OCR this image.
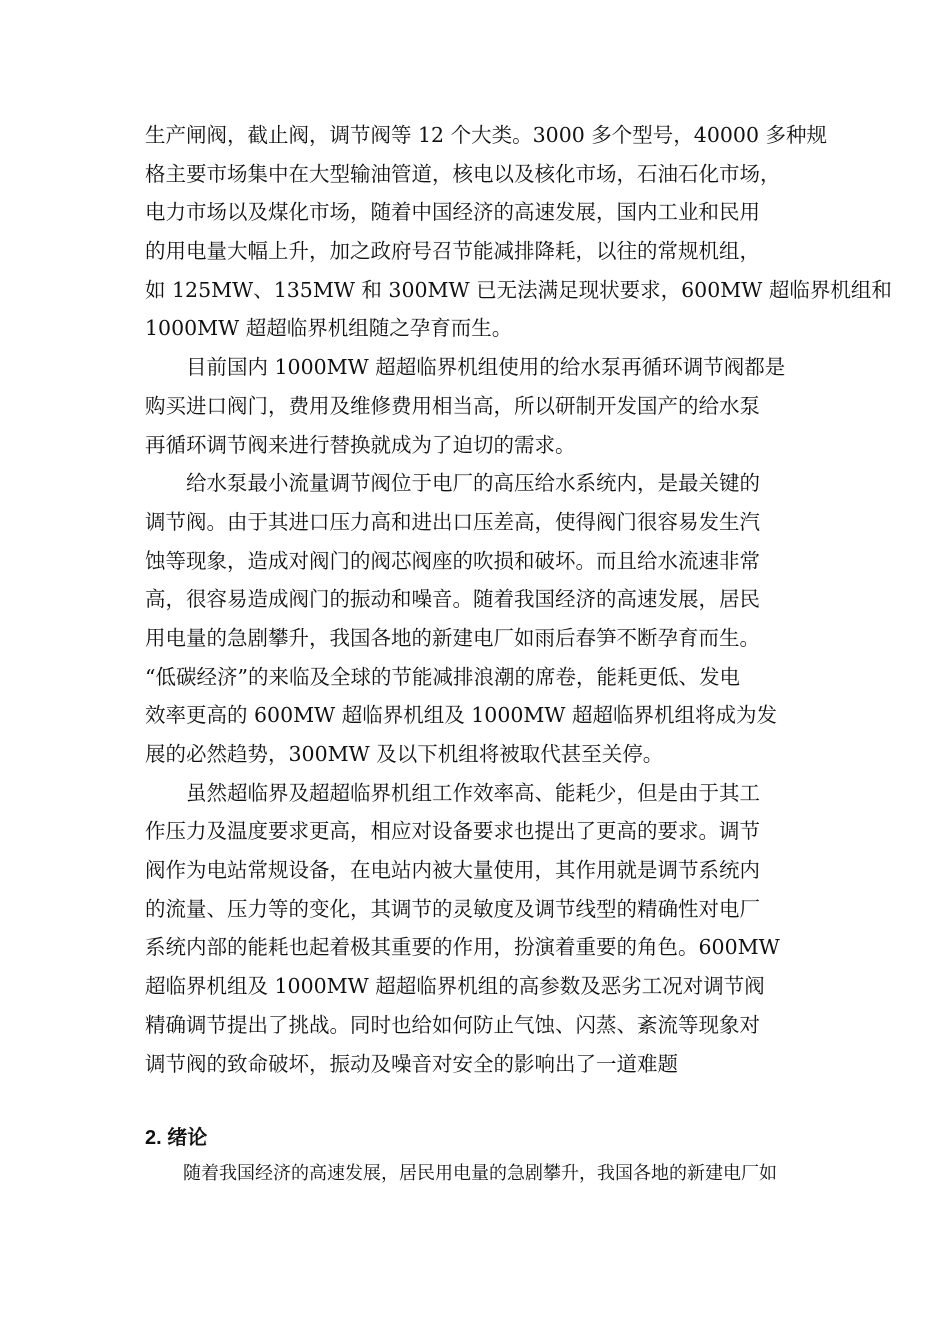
生产闸阀，截止阀，调节阀等 12 个大类。3000 多个型号，40000 多种规
格主要市场集中在大型输油管道，核电以及核化市场，石油石化市场，
电力市场以及煤化市场，随着中国经济的高速发展，国内工业和民用
的用电量大幅上升，加之政府号召节能减排降耗，以往的常规机组，
如 125MW、135MW 和 300MW 已无法满足现状要求，600MW 超临界机组和
1000MW 超超临界机组随之孕育而生。
目前国内 1000MW 超超临界机组使用的给水泵再循环调节阀都是
购买进口阀门，费用及维修费用相当高，所以研制开发国产的给水泵
再循环调节阀来进行替换就成为了迫切的需求。
给水泵最小流量调节阀位于电厂的高压给水系统内，是最关键的
调节阀。由于其进口压力高和进出口压差高，使得阀门很容易发生汽
蚀等现象，造成对阀门的阀芯阀座的吹损和破坏。而且给水流速非常
高，很容易造成阀门的振动和噪音。随着我国经济的高速发展，居民
用电量的急剧攀升，我国各地的新建电厂如雨后春笋不断孕育而生。
“低碳经济”的来临及全球的节能减排浪潮的席卷，能耗更低、发电
效率更高的 600MW 超临界机组及 1000MW 超超临界机组将成为发
展的必然趋势，300MW 及以下机组将被取代甚至关停。
虽然超临界及超超临界机组工作效率高、能耗少，但是由于其工
作压力及温度要求更高，相应对设备要求也提出了更高的要求。调节
阀作为电站常规设备，在电站内被大量使用，其作用就是调节系统内
的流量、压力等的变化，其调节的灵敏度及调节线型的精确性对电厂
系统内部的能耗也起着极其重要的作用，扮演着重要的角色。600MW
超临界机组及 1000MW 超超临界机组的高参数及恶劣工况对调节阀
精确调节提出了挑战。同时也给如何防止气蚀、闪蒸、紊流等现象对
调节阀的致命破坏，振动及噪音对安全的影响出了一道难题
2. 绪论
随着我国经济的高速发展，居民用电量的急剧攀升，我国各地的新建电厂如
